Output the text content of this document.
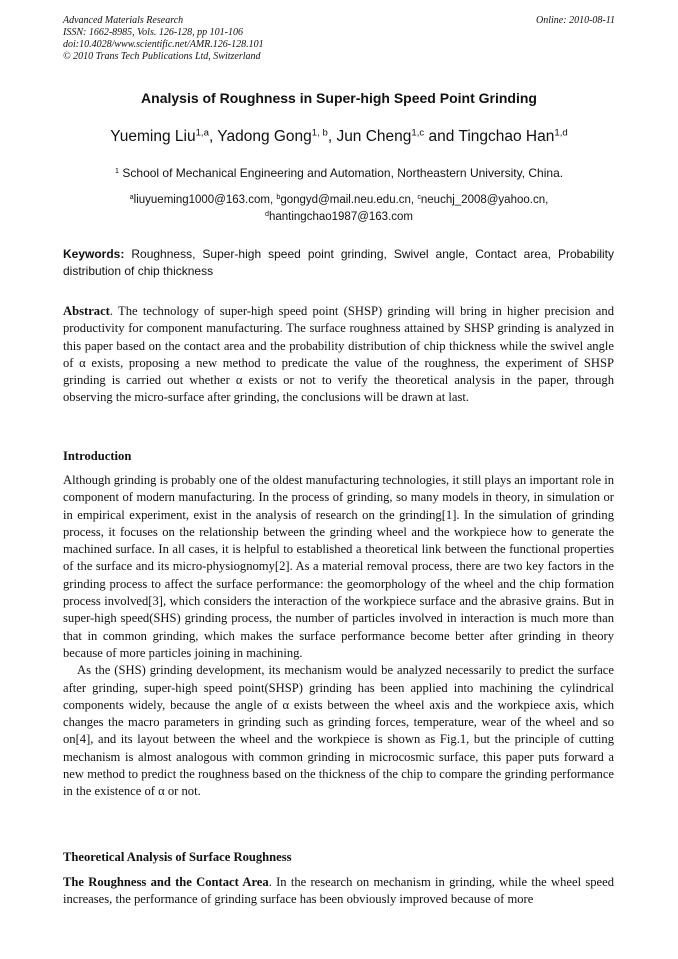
Advanced Materials Research
ISSN: 1662-8985, Vols. 126-128, pp 101-106
doi:10.4028/www.scientific.net/AMR.126-128.101
© 2010 Trans Tech Publications Ltd, Switzerland
Online: 2010-08-11
Analysis of Roughness in Super-high Speed Point Grinding
Yueming Liu$^{1,a}$, Yadong Gong$^{1, b}$, Jun Cheng$^{1,c}$ and Tingchao Han$^{1,d}$
$^1$ School of Mechanical Engineering and Automation, Northeastern University, China.
$^a$liuyueming1000@163.com, $^b$gongyd@mail.neu.edu.cn, $^c$neuchj_2008@yahoo.cn,
$^d$hantingchao1987@163.com
Keywords: Roughness, Super-high speed point grinding, Swivel angle, Contact area, Probability distribution of chip thickness
Abstract. The technology of super-high speed point (SHSP) grinding will bring in higher precision and productivity for component manufacturing. The surface roughness attained by SHSP grinding is analyzed in this paper based on the contact area and the probability distribution of chip thickness while the swivel angle of α exists, proposing a new method to predicate the value of the roughness, the experiment of SHSP grinding is carried out whether α exists or not to verify the theoretical analysis in the paper, through observing the micro-surface after grinding, the conclusions will be drawn at last.
Introduction
Although grinding is probably one of the oldest manufacturing technologies, it still plays an important role in component of modern manufacturing. In the process of grinding, so many models in theory, in simulation or in empirical experiment, exist in the analysis of research on the grinding[1]. In the simulation of grinding process, it focuses on the relationship between the grinding wheel and the workpiece how to generate the machined surface. In all cases, it is helpful to established a theoretical link between the functional properties of the surface and its micro-physiognomy[2]. As a material removal process, there are two key factors in the grinding process to affect the surface performance: the geomorphology of the wheel and the chip formation process involved[3], which considers the interaction of the workpiece surface and the abrasive grains. But in super-high speed(SHS) grinding process, the number of particles involved in interaction is much more than that in common grinding, which makes the surface performance become better after grinding in theory because of more particles joining in machining.
As the (SHS) grinding development, its mechanism would be analyzed necessarily to predict the surface after grinding, super-high speed point(SHSP) grinding has been applied into machining the cylindrical components widely, because the angle of α exists between the wheel axis and the workpiece axis, which changes the macro parameters in grinding such as grinding forces, temperature, wear of the wheel and so on[4], and its layout between the wheel and the workpiece is shown as Fig.1, but the principle of cutting mechanism is almost analogous with common grinding in microcosmic surface, this paper puts forward a new method to predict the roughness based on the thickness of the chip to compare the grinding performance in the existence of α or not.
Theoretical Analysis of Surface Roughness
The Roughness and the Contact Area. In the research on mechanism in grinding, while the wheel speed increases, the performance of grinding surface has been obviously improved because of more
